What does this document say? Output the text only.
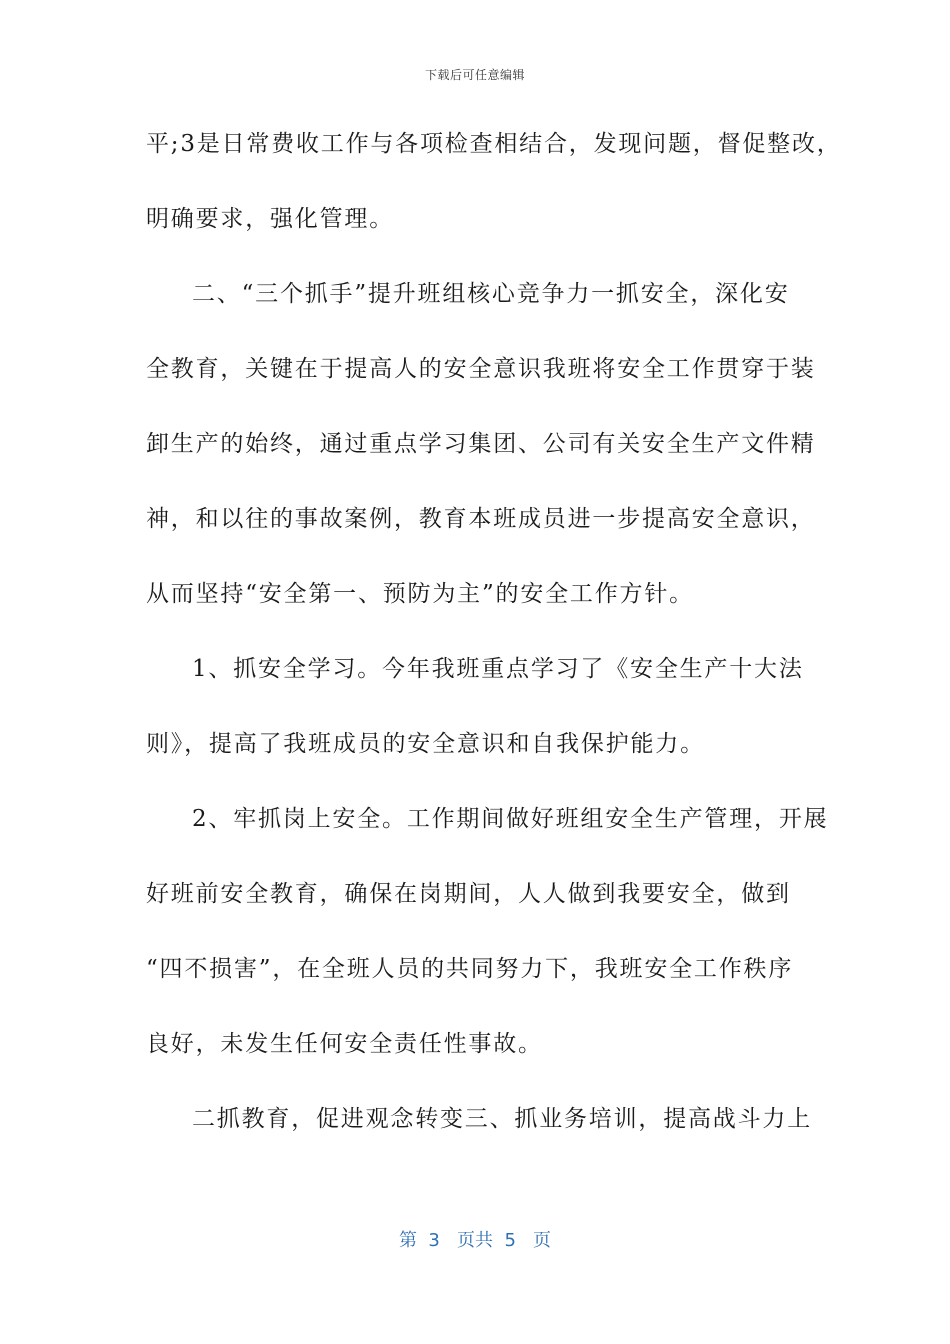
下载后可任意编辑
平;3是日常费收工作与各项检查相结合，发现问题，督促整改，
明确要求，强化管理。
二、“三个抓手”提升班组核心竞争力一抓安全，深化安
全教育，关键在于提高人的安全意识我班将安全工作贯穿于装
卸生产的始终，通过重点学习集团、公司有关安全生产文件精
神，和以往的事故案例，教育本班成员进一步提高安全意识，
从而坚持“安全第一、预防为主”的安全工作方针。
1、抓安全学习。今年我班重点学习了《安全生产十大法
则》，提高了我班成员的安全意识和自我保护能力。
2、牢抓岗上安全。工作期间做好班组安全生产管理，开展
好班前安全教育，确保在岗期间，人人做到我要安全，做到
“四不损害”，在全班人员的共同努力下，我班安全工作秩序
良好，未发生任何安全责任性事故。
二抓教育，促进观念转变三、抓业务培训，提高战斗力上
第  3   页共  5   页
